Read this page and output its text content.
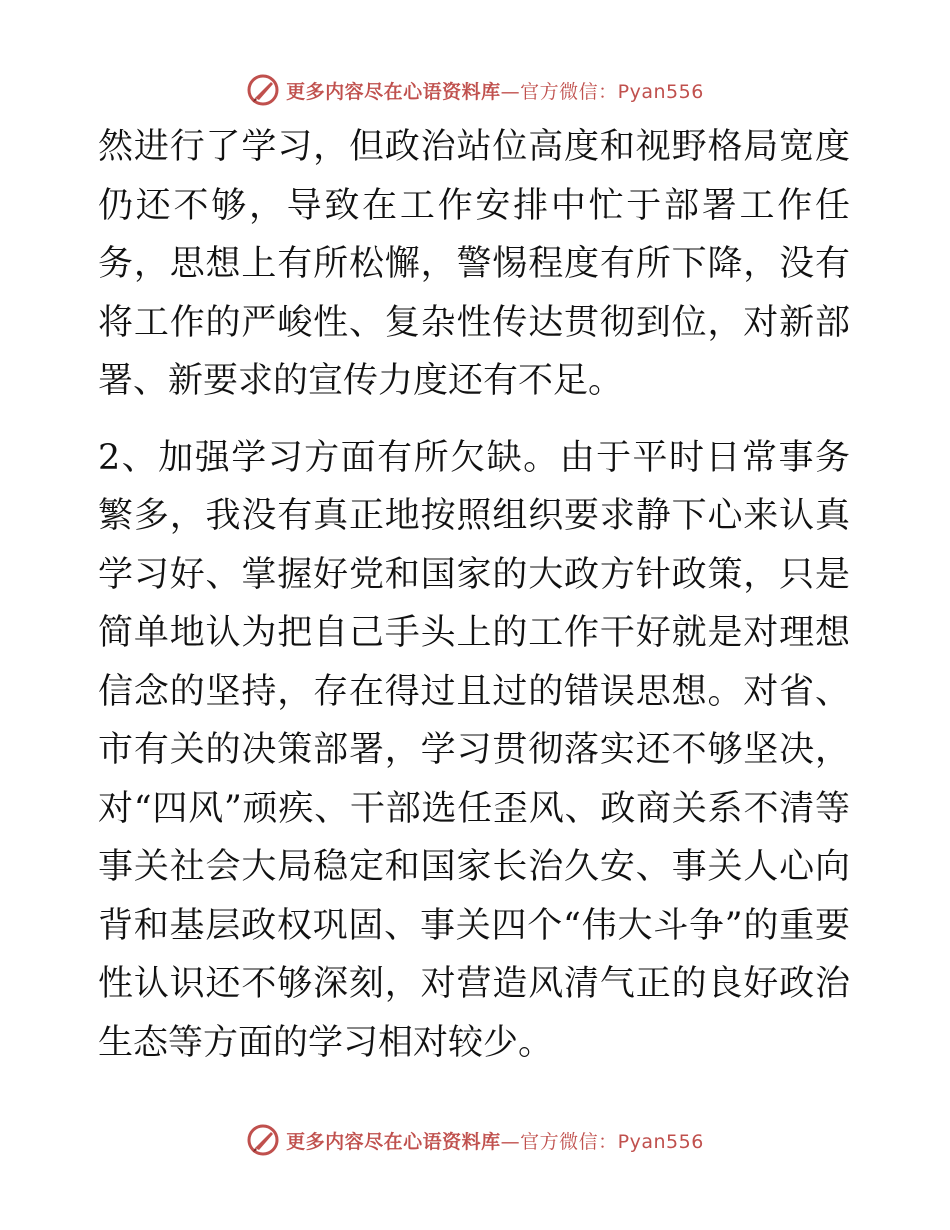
更多内容尽在心语资料库—官方微信：Pyan556

然进行了学习，但政治站位高度和视野格局宽度仍还不够，导致在工作安排中忙于部署工作任务，思想上有所松懈，警惕程度有所下降，没有将工作的严峻性、复杂性传达贯彻到位，对新部署、新要求的宣传力度还有不足。

2、加强学习方面有所欠缺。由于平时日常事务繁多，我没有真正地按照组织要求静下心来认真学习好、掌握好党和国家的大政方针政策，只是简单地认为把自己手头上的工作干好就是对理想信念的坚持，存在得过且过的错误思想。对省、市有关的决策部署，学习贯彻落实还不够坚决，对“四风”顽疾、干部选任歪风、政商关系不清等事关社会大局稳定和国家长治久安、事关人心向背和基层政权巩固、事关四个“伟大斗争”的重要性认识还不够深刻，对营造风清气正的良好政治生态等方面的学习相对较少。

更多内容尽在心语资料库—官方微信：Pyan556
